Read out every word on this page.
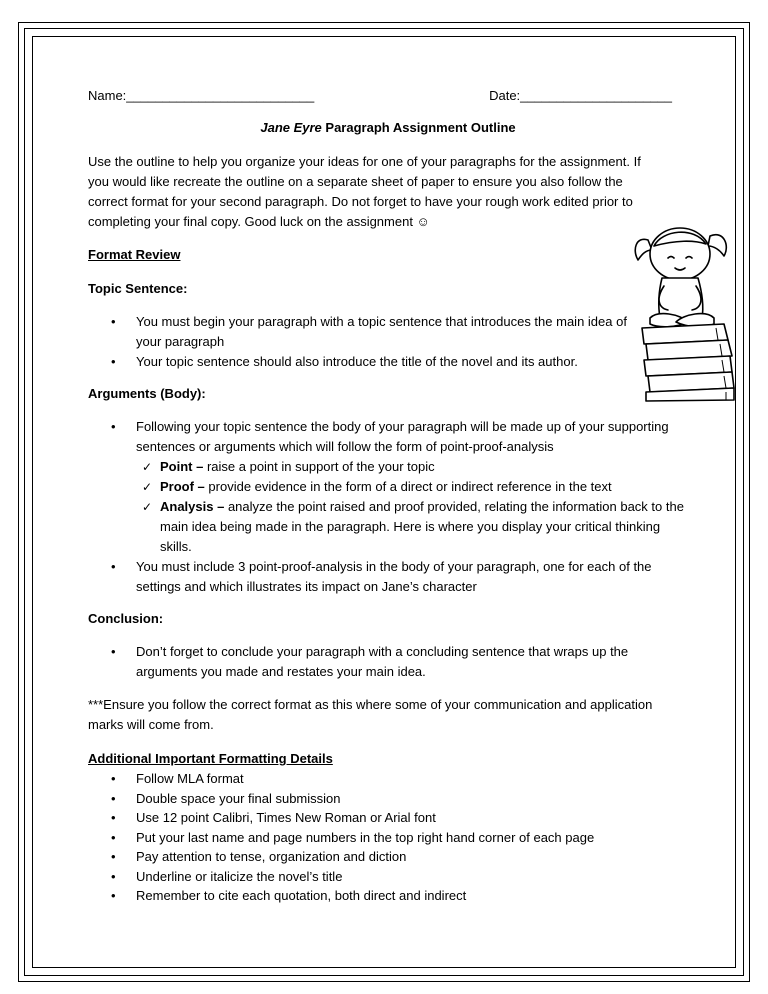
Name:__________________________	Date:_____________________
Jane Eyre Paragraph Assignment Outline

Use the outline to help you organize your ideas for one of your paragraphs for the assignment. If you would like recreate the outline on a separate sheet of paper to ensure you also follow the correct format for your second paragraph. Do not forget to have your rough work edited prior to completing your final copy. Good luck on the assignment ☺

Format Review

Topic Sentence:

• You must begin your paragraph with a topic sentence that introduces the main idea of your paragraph
• Your topic sentence should also introduce the title of the novel and its author.

Arguments (Body):

• Following your topic sentence the body of your paragraph will be made up of your supporting sentences or arguments which will follow the form of point-proof-analysis
✓ Point – raise a point in support of the your topic
✓ Proof – provide evidence in the form of a direct or indirect reference in the text
✓ Analysis – analyze the point raised and proof provided, relating the information back to the main idea being made in the paragraph. Here is where you display your critical thinking skills.
• You must include 3 point-proof-analysis in the body of your paragraph, one for each of the settings and which illustrates its impact on Jane’s character

Conclusion:

• Don’t forget to conclude your paragraph with a concluding sentence that wraps up the arguments you made and restates your main idea.

***Ensure you follow the correct format as this where some of your communication and application marks will come from.

Additional Important Formatting Details

• Follow MLA format
• Double space your final submission
• Use 12 point Calibri, Times New Roman or Arial font
• Put your last name and page numbers in the top right hand corner of each page
• Pay attention to tense, organization and diction
• Underline or italicize the novel’s title
• Remember to cite each quotation, both direct and indirect
